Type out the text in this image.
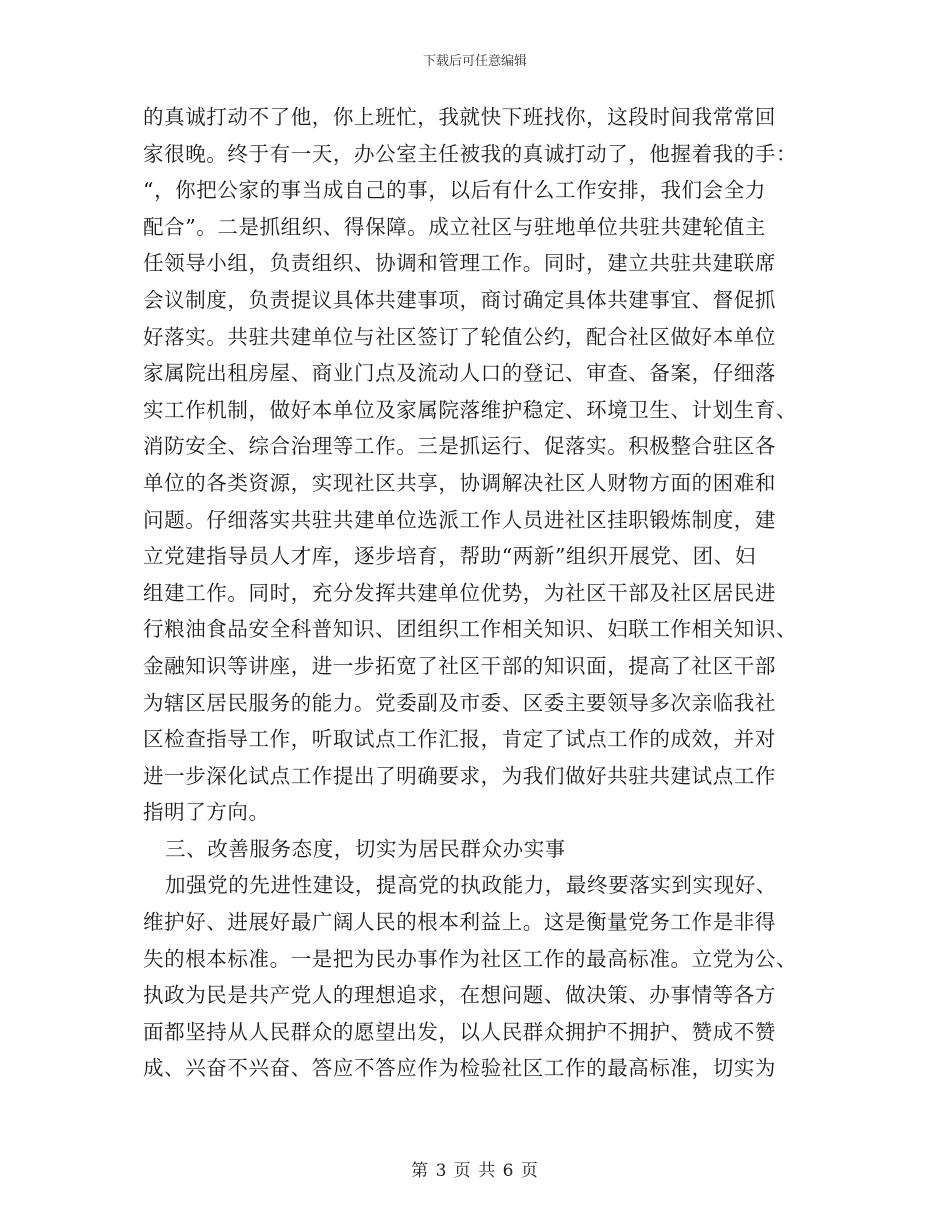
下载后可任意编辑
的真诚打动不了他，你上班忙，我就快下班找你，这段时间我常常回
家很晚。终于有一天，办公室主任被我的真诚打动了，他握着我的手：
“，你把公家的事当成自己的事，以后有什么工作安排，我们会全力
配合”。二是抓组织、得保障。成立社区与驻地单位共驻共建轮值主
任领导小组，负责组织、协调和管理工作。同时，建立共驻共建联席
会议制度，负责提议具体共建事项，商讨确定具体共建事宜、督促抓
好落实。共驻共建单位与社区签订了轮值公约，配合社区做好本单位
家属院出租房屋、商业门点及流动人口的登记、审查、备案，仔细落
实工作机制，做好本单位及家属院落维护稳定、环境卫生、计划生育、
消防安全、综合治理等工作。三是抓运行、促落实。积极整合驻区各
单位的各类资源，实现社区共享，协调解决社区人财物方面的困难和
问题。仔细落实共驻共建单位选派工作人员进社区挂职锻炼制度，建
立党建指导员人才库，逐步培育，帮助“两新”组织开展党、团、妇
组建工作。同时，充分发挥共建单位优势，为社区干部及社区居民进
行粮油食品安全科普知识、团组织工作相关知识、妇联工作相关知识、
金融知识等讲座，进一步拓宽了社区干部的知识面，提高了社区干部
为辖区居民服务的能力。党委副及市委、区委主要领导多次亲临我社
区检查指导工作，听取试点工作汇报，肯定了试点工作的成效，并对
进一步深化试点工作提出了明确要求，为我们做好共驻共建试点工作
指明了方向。
三、改善服务态度，切实为居民群众办实事
加强党的先进性建设，提高党的执政能力，最终要落实到实现好、
维护好、进展好最广阔人民的根本利益上。这是衡量党务工作是非得
失的根本标准。一是把为民办事作为社区工作的最高标准。立党为公、
执政为民是共产党人的理想追求，在想问题、做决策、办事情等各方
面都坚持从人民群众的愿望出发，以人民群众拥护不拥护、赞成不赞
成、兴奋不兴奋、答应不答应作为检验社区工作的最高标准，切实为
第 3 页 共 6 页
